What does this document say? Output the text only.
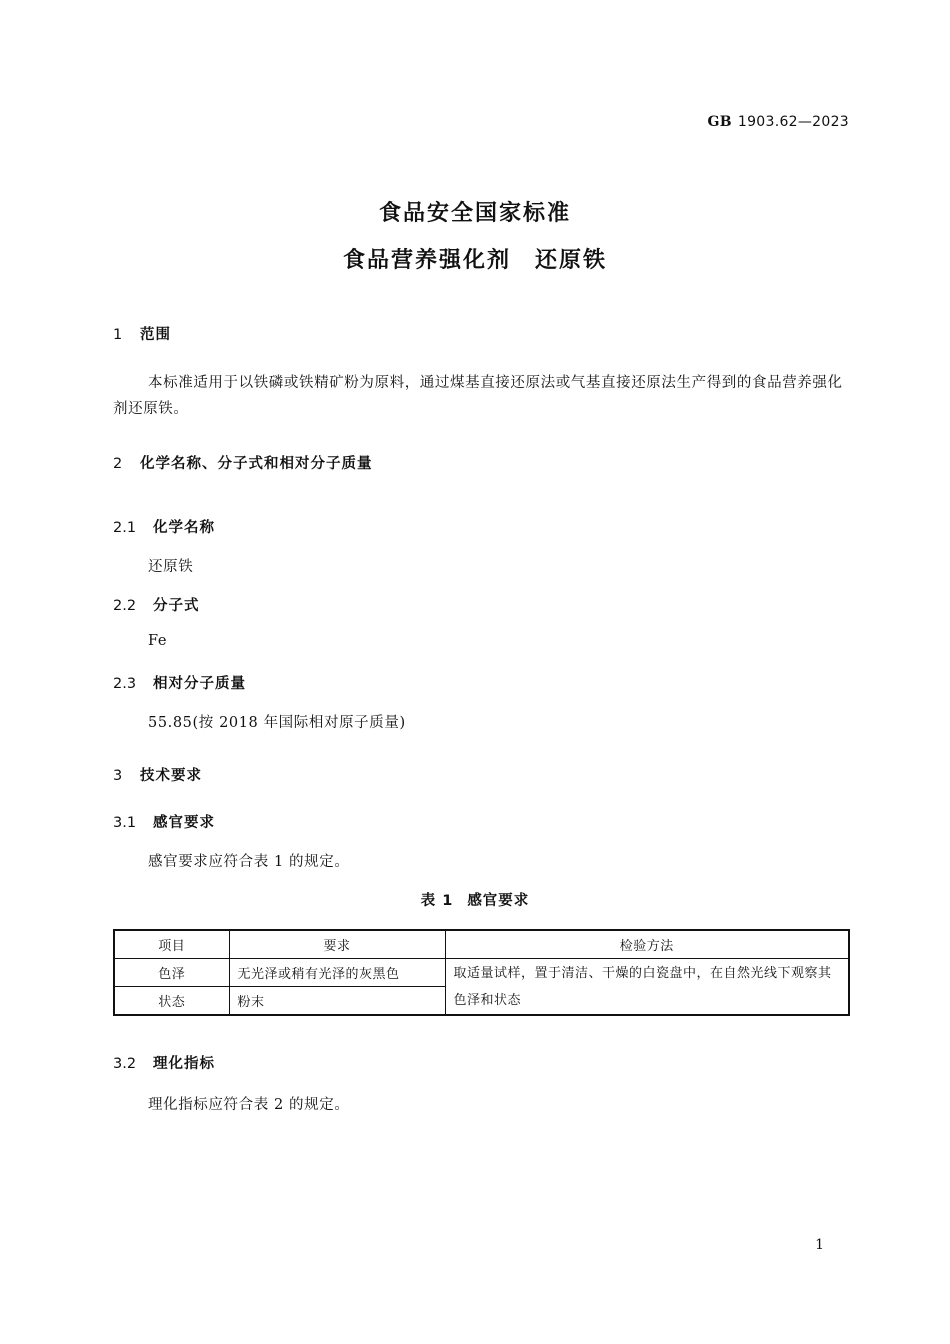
GB 1903.62—2023
食品安全国家标准
食品营养强化剂　还原铁
1 范围
本标准适用于以铁磷或铁精矿粉为原料，通过煤基直接还原法或气基直接还原法生产得到的食品营养强化剂还原铁。
2 化学名称、分子式和相对分子质量
2.1 化学名称
还原铁
2.2 分子式
Fe
2.3 相对分子质量
55.85(按 2018 年国际相对原子质量)
3 技术要求
3.1 感官要求
感官要求应符合表 1 的规定。
表 1 感官要求
项目	要求	检验方法
色泽	无光泽或稍有光泽的灰黑色	取适量试样，置于清洁、干燥的白瓷盘中，在自然光线下观察其色泽和状态
状态	粉末	
3.2 理化指标
理化指标应符合表 2 的规定。
1
